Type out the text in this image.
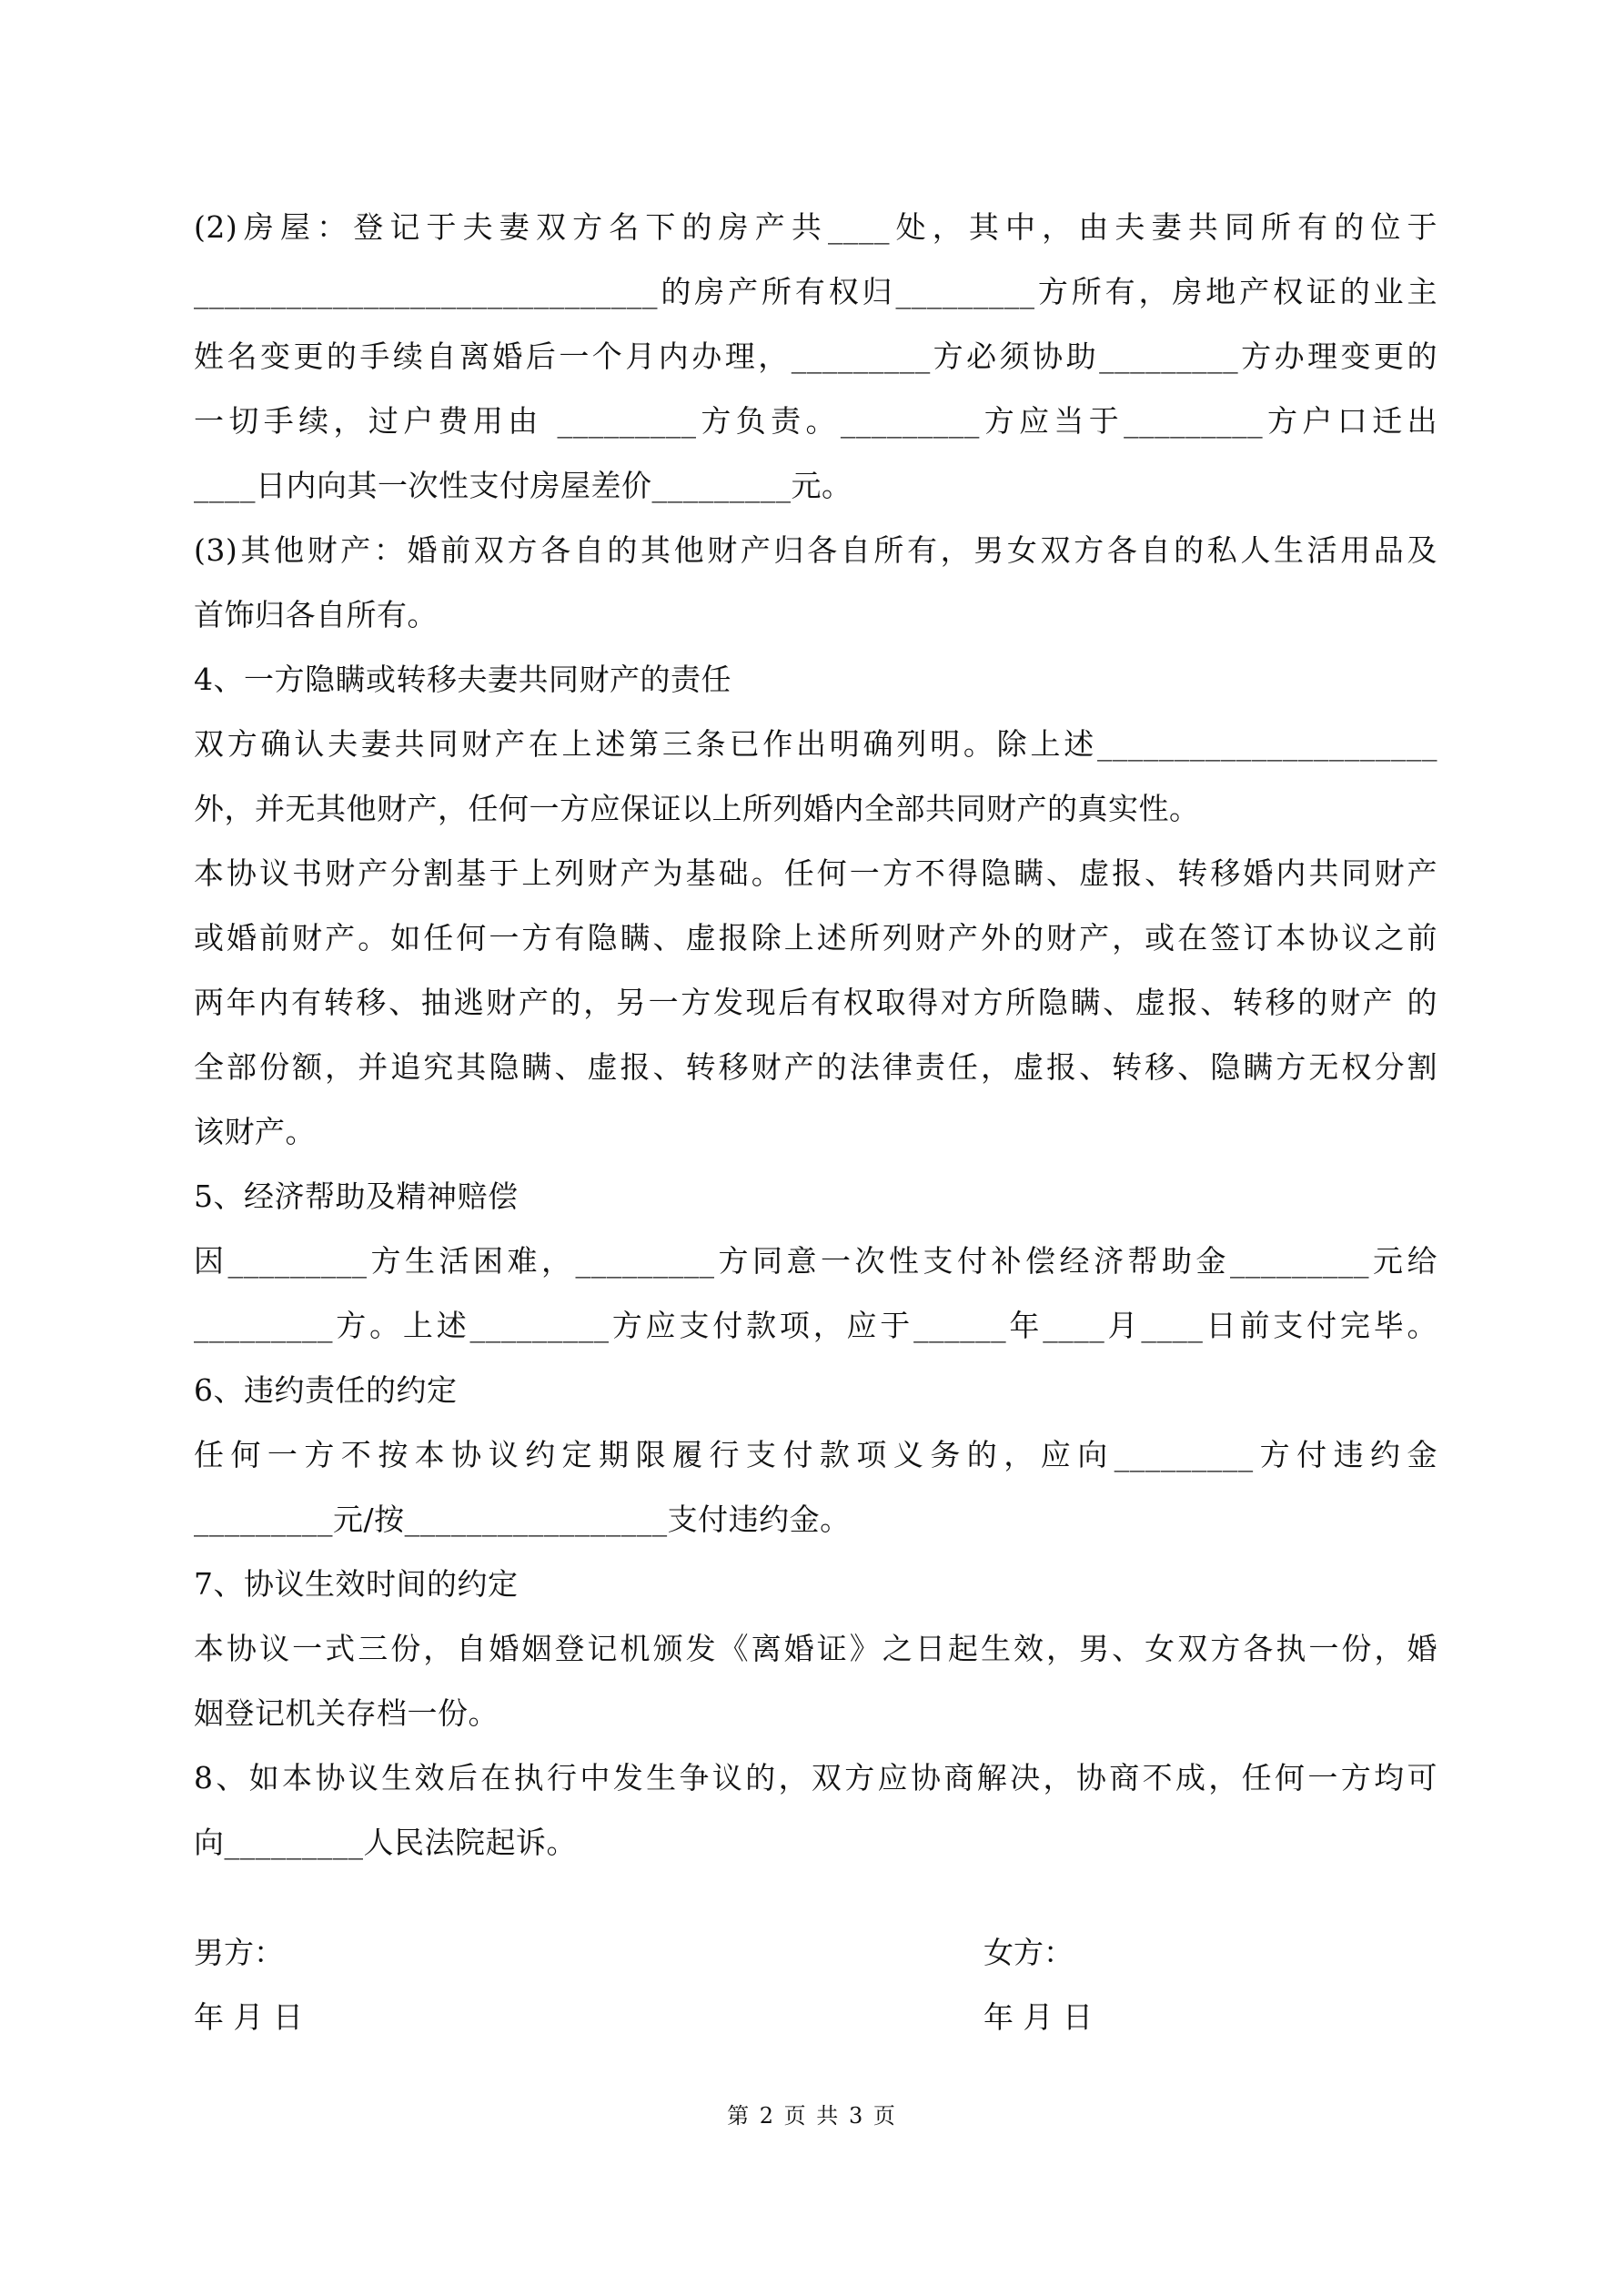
(2)房屋：登记于夫妻双方名下的房产共____处，其中，由夫妻共同所有的位于

______________________________的房产所有权归_________方所有，房地产权证的业主

姓名变更的手续自离婚后一个月内办理，_________方必须协助_________方办理变更的

一切手续，过户费用由 _________方负责。_________方应当于_________方户口迁出

____日内向其一次性支付房屋差价_________元。

(3)其他财产：婚前双方各自的其他财产归各自所有，男女双方各自的私人生活用品及

首饰归各自所有。

4、一方隐瞒或转移夫妻共同财产的责任

双方确认夫妻共同财产在上述第三条已作出明确列明。除上述______________________

外，并无其他财产，任何一方应保证以上所列婚内全部共同财产的真实性。

本协议书财产分割基于上列财产为基础。任何一方不得隐瞒、虚报、转移婚内共同财产

或婚前财产。如任何一方有隐瞒、虚报除上述所列财产外的财产，或在签订本协议之前

两年内有转移、抽逃财产的，另一方发现后有权取得对方所隐瞒、虚报、转移的财产 的

全部份额，并追究其隐瞒、虚报、转移财产的法律责任，虚报、转移、隐瞒方无权分割

该财产。

5、经济帮助及精神赔偿

因_________方生活困难，_________方同意一次性支付补偿经济帮助金_________元给

_________方。上述_________方应支付款项，应于______年____月____日前支付完毕。

6、违约责任的约定

任何一方不按本协议约定期限履行支付款项义务的，应向_________方付违约金

_________元/按_________________支付违约金。

7、协议生效时间的约定

本协议一式三份，自婚姻登记机颁发《离婚证》之日起生效，男、女双方各执一份，婚

姻登记机关存档一份。

8、如本协议生效后在执行中发生争议的，双方应协商解决，协商不成，任何一方均可

向_________人民法院起诉。

男方：
年 月 日
女方：
年 月 日
第 2 页 共 3 页
